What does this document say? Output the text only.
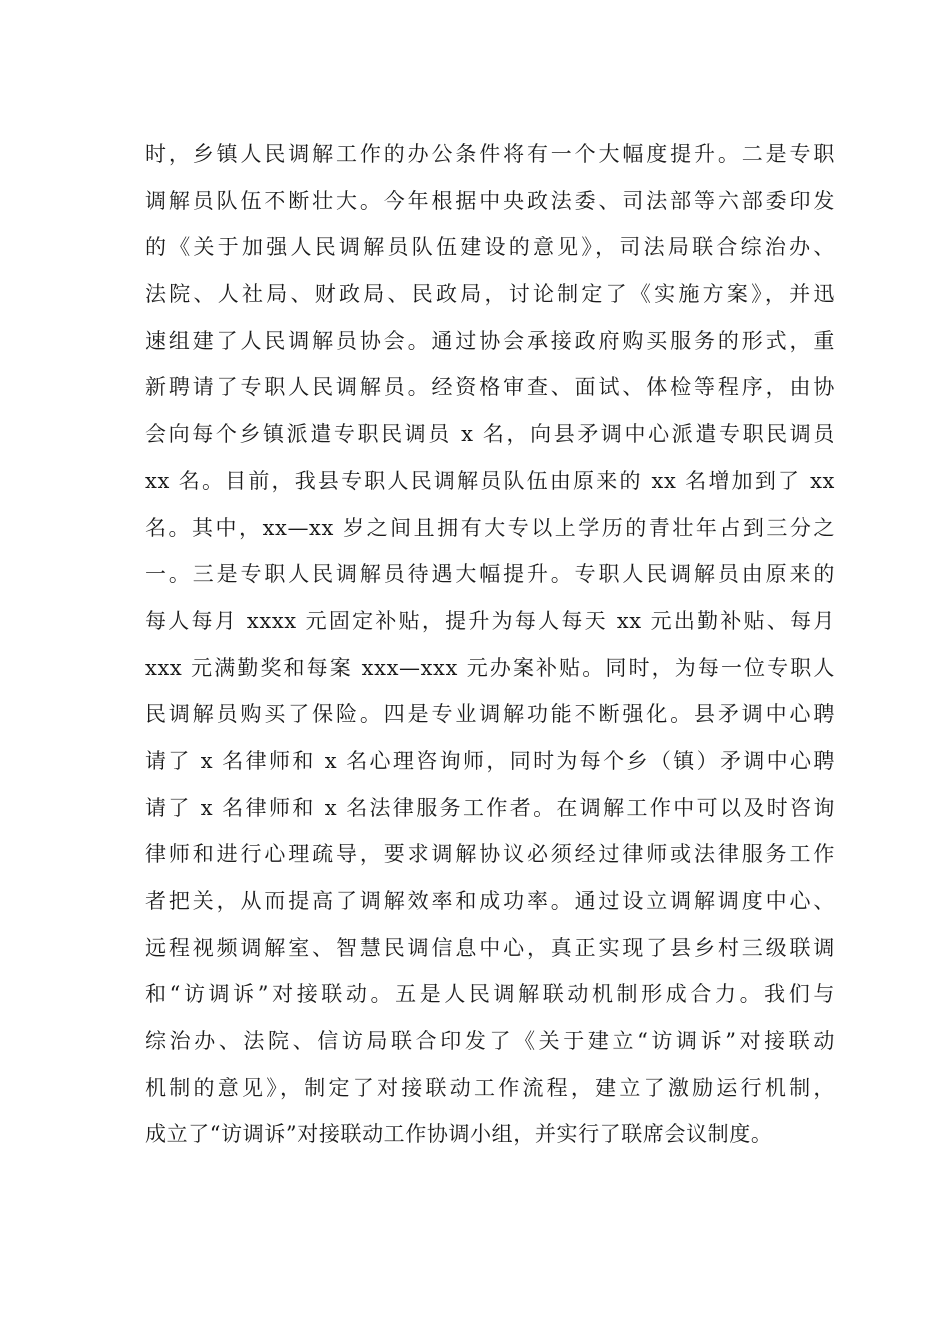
时，乡镇人民调解工作的办公条件将有一个大幅度提升。二是专职
调解员队伍不断壮大。今年根据中央政法委、司法部等六部委印发
的《关于加强人民调解员队伍建设的意见》，司法局联合综治办、
法院、人社局、财政局、民政局，讨论制定了《实施方案》，并迅
速组建了人民调解员协会。通过协会承接政府购买服务的形式，重
新聘请了专职人民调解员。经资格审查、面试、体检等程序，由协
会向每个乡镇派遣专职民调员 x 名，向县矛调中心派遣专职民调员
xx 名。目前，我县专职人民调解员队伍由原来的 xx 名增加到了 xx
名。其中，xx—xx 岁之间且拥有大专以上学历的青壮年占到三分之
一。三是专职人民调解员待遇大幅提升。专职人民调解员由原来的
每人每月 xxxx 元固定补贴，提升为每人每天 xx 元出勤补贴、每月
xxx 元满勤奖和每案 xxx—xxx 元办案补贴。同时，为每一位专职人
民调解员购买了保险。四是专业调解功能不断强化。县矛调中心聘
请了 x 名律师和 x 名心理咨询师，同时为每个乡（镇）矛调中心聘
请了 x 名律师和 x 名法律服务工作者。在调解工作中可以及时咨询
律师和进行心理疏导，要求调解协议必须经过律师或法律服务工作
者把关，从而提高了调解效率和成功率。通过设立调解调度中心、
远程视频调解室、智慧民调信息中心，真正实现了县乡村三级联调
和“访调诉”对接联动。五是人民调解联动机制形成合力。我们与
综治办、法院、信访局联合印发了《关于建立“访调诉”对接联动
机制的意见》，制定了对接联动工作流程，建立了激励运行机制，
成立了“访调诉”对接联动工作协调小组，并实行了联席会议制度。
